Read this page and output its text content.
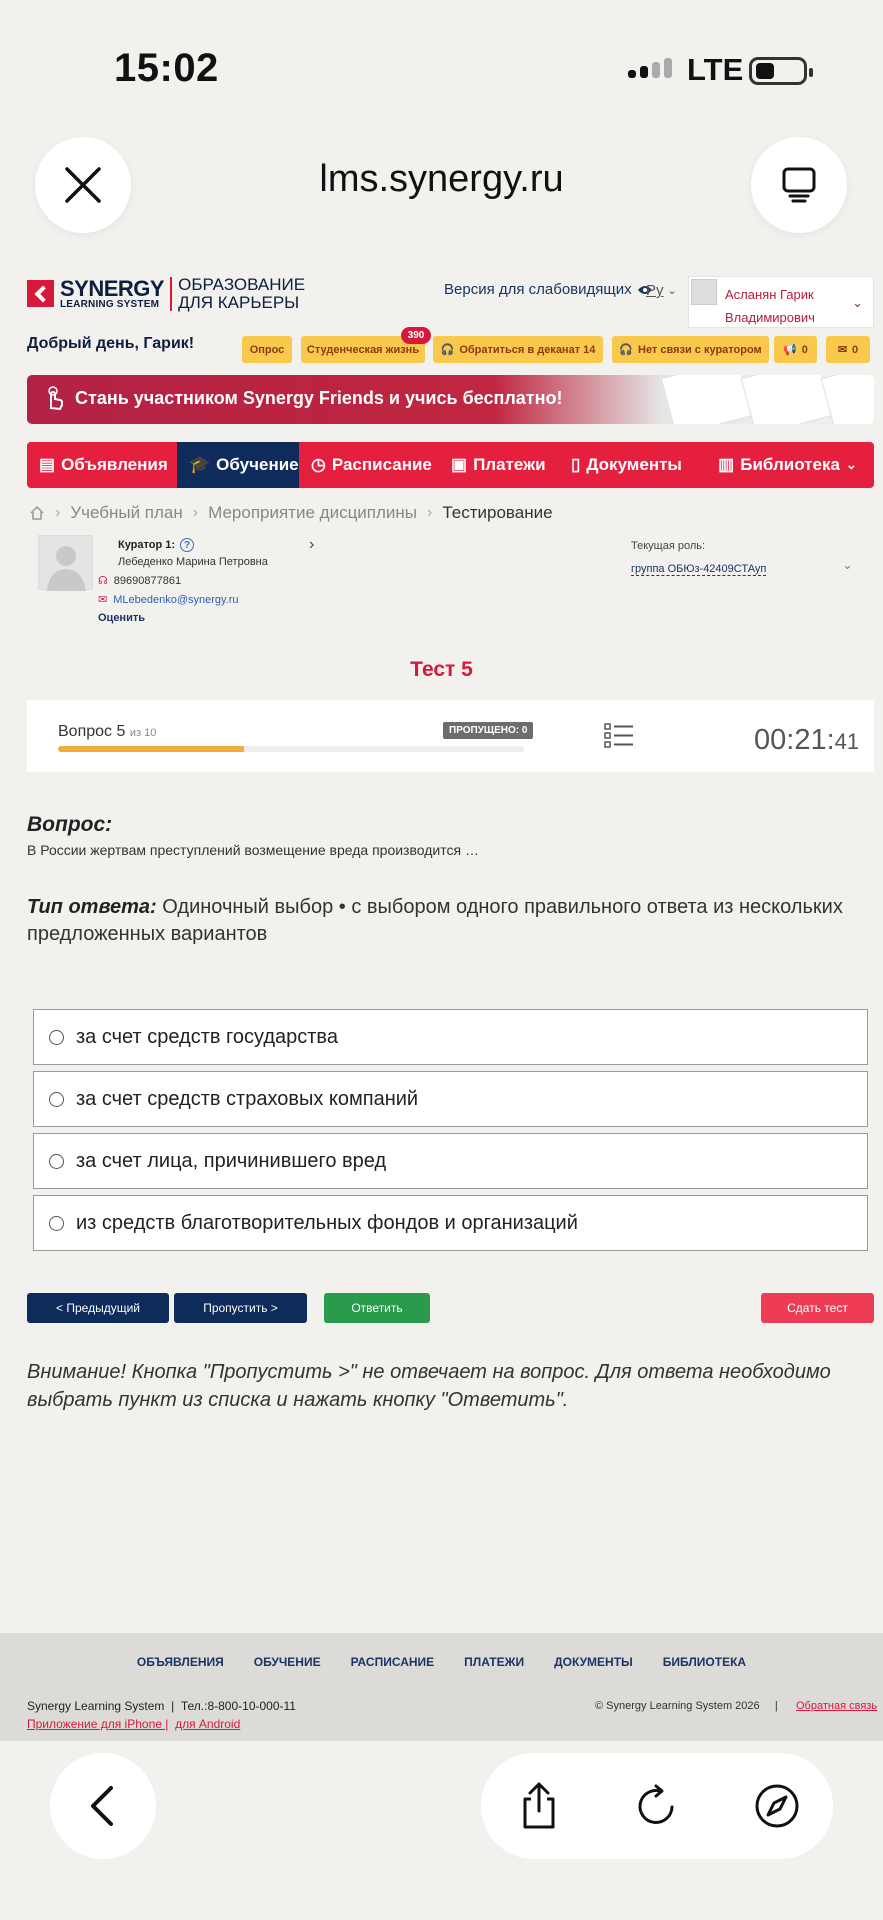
15:02	LTE
lms.synergy.ru
SYNERGY
LEARNING SYSTEM
ОБРАЗОВАНИЕ
ДЛЯ КАРЬЕРЫ
Версия для слабовидящих Ру ⌄	Асланян Гарик
Владимирович
⌄
Добрый день, Гарик!	Опрос Студенческая жизнь
390
🎧 Обратиться в деканат 14 🎧 Нет связи с куратором 📢 0	✉ 0
Стань участником Synergy Friends и учись бесплатно!
▤ Объявления 🎓 Обучение ◷ Расписание ▣ Платежи ▯ Документы ▥ Библиотека ⌄
› Учебный план › Мероприятие дисциплины › Тестирование
Куратор 1: ?
Лебеденко Марина Петровна
☊ 89690877861
✉ MLebedenko@synergy.ru
Оценить
›	Текущая роль:
группа ОБЮз-42409СТАуп	⌄
Тест 5
Вопрос 5 из 10	ПРОПУЩЕНО: 0	00:21:41
Вопрос:
В России жертвам преступлений возмещение вреда производится …
Тип ответа: Одиночный выбор • с выбором одного правильного ответа из нескольких предложенных вариантов
за счет средств государства
за счет средств страховых компаний
за счет лица, причинившего вред
из средств благотворительных фондов и организаций
< Предыдущий	Пропустить >	Ответить	Сдать тест
Внимание! Кнопка "Пропустить >" не отвечает на вопрос. Для ответа необходимо выбрать пункт из списка и нажать кнопку "Ответить".
ОБЪЯВЛЕНИЯ	ОБУЧЕНИЕ	РАСПИСАНИЕ	ПЛАТЕЖИ	ДОКУМЕНТЫ	БИБЛИОТЕКА
Synergy Learning System  |  Тел.:8-800-10-000-11
Приложение для iPhone |  для Android
© Synergy Learning System 2026     | Обратная связь
